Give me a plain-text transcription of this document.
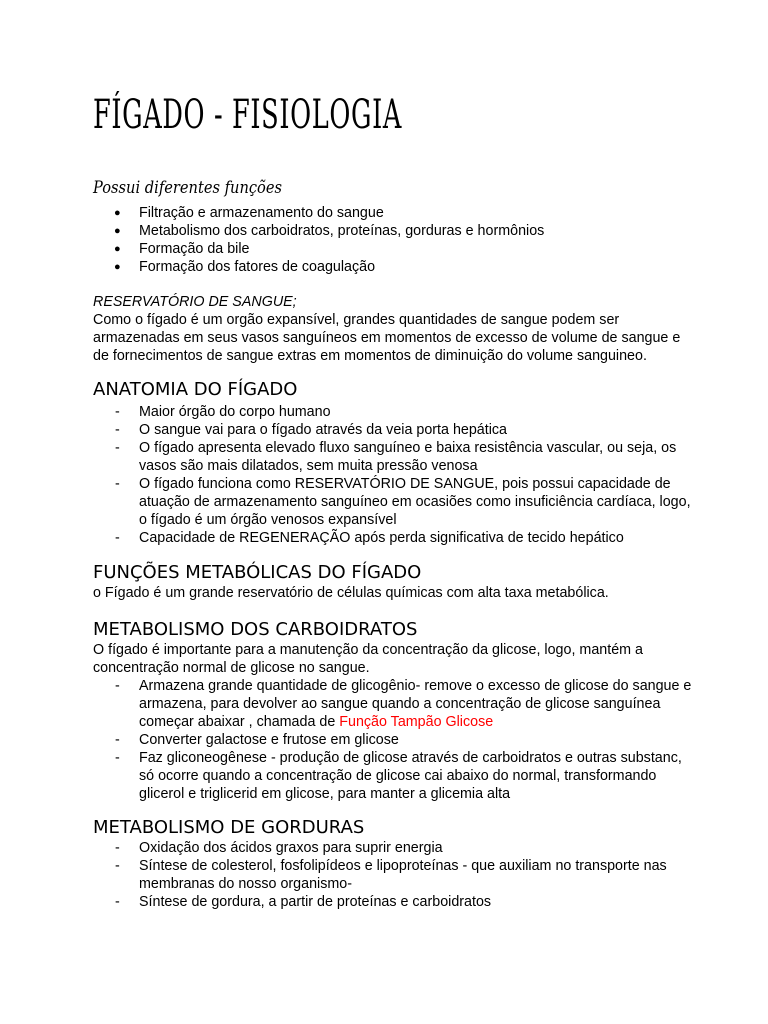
FÍGADO - FISIOLOGIA

Possui diferentes funções

● Filtração e armazenamento do sangue
● Metabolismo dos carboidratos, proteínas, gorduras e hormônios
● Formação da bile
● Formação dos fatores de coagulação

RESERVATÓRIO DE SANGUE;

Como o fígado é um orgão expansível, grandes quantidades de sangue podem ser armazenadas em seus vasos sanguíneos em momentos de excesso de volume de sangue e de fornecimentos de sangue extras em momentos de diminuição do volume sanguineo.

ANATOMIA DO FÍGADO
- Maior órgão do corpo humano
- O sangue vai para o fígado através da veia porta hepática
- O fígado apresenta elevado fluxo sanguíneo e baixa resistência vascular, ou seja, os vasos são mais dilatados, sem muita pressão venosa
- O fígado funciona como RESERVATÓRIO DE SANGUE, pois possui capacidade de atuação de armazenamento sanguíneo em ocasiões como insuficiência cardíaca, logo, o fígado é um órgão venosos expansível
- Capacidade de REGENERAÇÃO após perda significativa de tecido hepático
FUNÇÕES METABÓLICAS DO FÍGADO

o Fígado é um grande reservatório de células químicas com alta taxa metabólica.

METABOLISMO DOS CARBOIDRATOS

O fígado é importante para a manutenção da concentração da glicose, logo, mantém a concentração normal de glicose no sangue.

- Armazena grande quantidade de glicogênio- remove o excesso de glicose do sangue e armazena, para devolver ao sangue quando a concentração de glicose sanguínea começar abaixar , chamada de Função Tampão Glicose
- Converter galactose e frutose em glicose
- Faz gliconeogênese - produção de glicose através de carboidratos e outras substanc, só ocorre quando a concentração de glicose cai abaixo do normal, transformando glicerol e triglicerid em glicose, para manter a glicemia alta
METABOLISMO DE GORDURAS
- Oxidação dos ácidos graxos para suprir energia
- Síntese de colesterol, fosfolipídeos e lipoproteínas - que auxiliam no transporte nas membranas do nosso organismo-
- Síntese de gordura, a partir de proteínas e carboidratos
